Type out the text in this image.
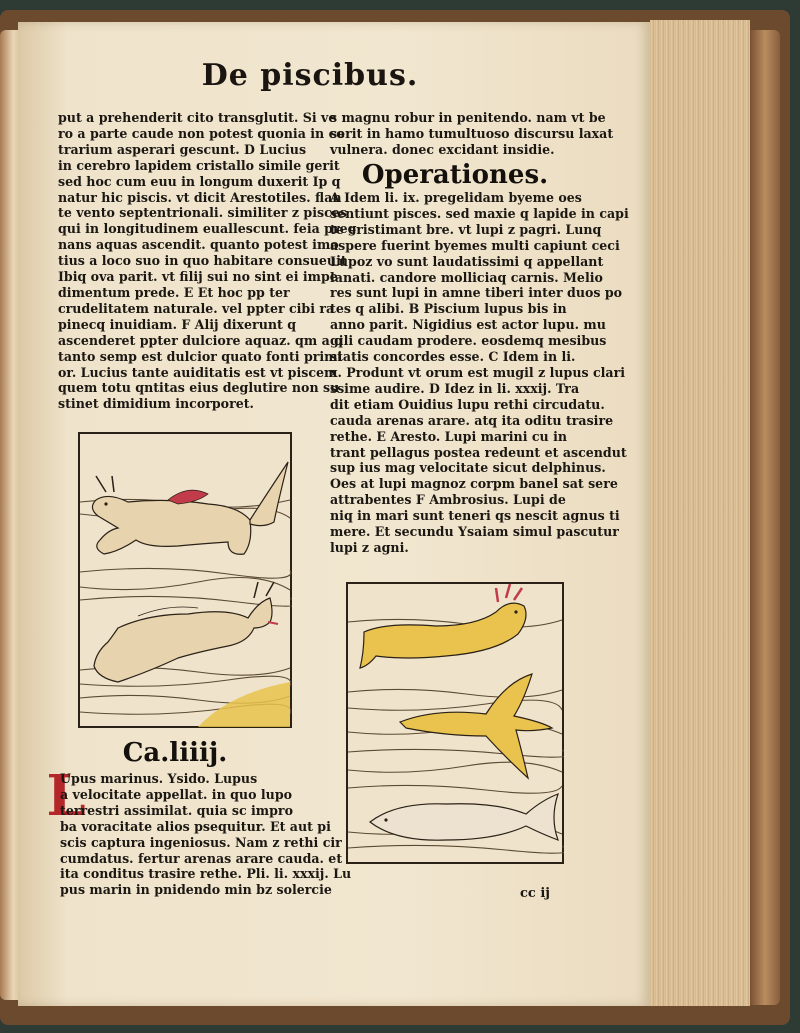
De piscibus.
put a prehenderit cito transglutit. Si ve
ro a parte caude non potest quonia in co
trarium asperari gescunt. D Lucius
in cerebro lapidem cristallo simile gerit
sed hoc cum euu in longum duxerit Ip q
natur hic piscis. vt dicit Arestotiles. flan
te vento septentrionali. similiter z pisces
qui in longitudinem euallescunt. feia preg
nans aquas ascendit. quanto potest imo
tius a loco suo in quo habitare consueuit
Ibiq ova parit. vt filij sui no sint ei impe
dimentum prede. E Et hoc pp ter
crudelitatem naturale. vel ppter cibi ra
pinecq inuidiam. F Alij dixerunt q
ascenderet ppter dulciore aquaz. qm a q
tanto semp est dulcior quato fonti primi
or. Lucius tante auiditatis est vt piscem
quem totu qntitas eius deglutire non su
stinet dimidium incorporet.
s magnu robur in penitendo. nam vt be
serit in hamo tumultuoso discursu laxat
vulnera. donec excidant insidie.
Operationes.
A Idem li. ix. pregelidam byeme oes
sentiunt pisces. sed maxie q lapide in capi
te eristimant bre. vt lupi z pagri. Lunq
aspere fuerint byemes multi capiunt ceci
Lupoz vo sunt laudatissimi q appellant
lanati. candore molliciaq carnis. Melio
res sunt lupi in amne tiberi inter duos po
tes q alibi. B Piscium lupus bis in
anno parit. Nigidius est actor lupu. mu
gili caudam prodere. eosdemq mesibus
statis concordes esse. C Idem in li.
x. Produnt vt orum est mugil z lupus clari
ssime audire. D Idez in li. xxxij. Tra
dit etiam Ouidius lupu rethi circudatu.
cauda arenas arare. atq ita oditu trasire
rethe. E Aresto. Lupi marini cu in
trant pellagus postea redeunt et ascendut
sup ius mag velocitate sicut delphinus.
Oes at lupi magnoz corpm banel sat sere
attrabentes F Ambrosius. Lupi de
niq in mari sunt teneri qs nescit agnus ti
mere. Et secundu Ysaiam simul pascutur
lupi z agni.
Ca.liiij.
L
Upus marinus. Ysido. Lupus
a velocitate appellat. in quo lupo
terrestri assimilat. quia sc impro
ba voracitate alios psequitur. Et aut pi
scis captura ingeniosus. Nam z rethi cir
cumdatus. fertur arenas arare cauda. et
ita conditus trasire rethe. Pli. li. xxxij. Lu
pus marin in pnidendo min bz solercie	cc ij
